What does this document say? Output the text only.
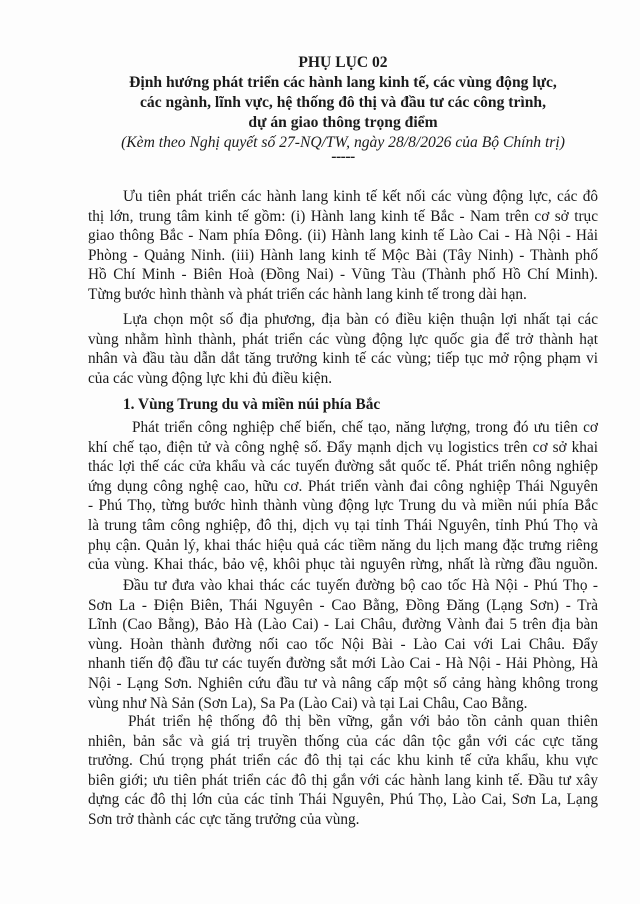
PHỤ LỤC 02
Định hướng phát triển các hành lang kinh tế, các vùng động lực,
các ngành, lĩnh vực, hệ thống đô thị và đầu tư các công trình,
dự án giao thông trọng điểm
(Kèm theo Nghị quyết số 27-NQ/TW, ngày 28/8/2026 của Bộ Chính trị)
-----
Ưu tiên phát triển các hành lang kinh tế kết nối các vùng động lực, các đô
thị lớn, trung tâm kinh tế gồm: (i) Hành lang kinh tế Bắc - Nam trên cơ sở trục
giao thông Bắc - Nam phía Đông. (ii) Hành lang kinh tế Lào Cai - Hà Nội - Hải
Phòng - Quảng Ninh. (iii) Hành lang kinh tế Mộc Bài (Tây Ninh) - Thành phố
Hồ Chí Minh - Biên Hoà (Đồng Nai) - Vũng Tàu (Thành phố Hồ Chí Minh).
Từng bước hình thành và phát triển các hành lang kinh tế trong dài hạn.
Lựa chọn một số địa phương, địa bàn có điều kiện thuận lợi nhất tại các
vùng nhằm hình thành, phát triển các vùng động lực quốc gia để trở thành hạt
nhân và đầu tàu dẫn dắt tăng trưởng kinh tế các vùng; tiếp tục mở rộng phạm vi
của các vùng động lực khi đủ điều kiện.
1. Vùng Trung du và miền núi phía Bắc
Phát triển công nghiệp chế biến, chế tạo, năng lượng, trong đó ưu tiên cơ
khí chế tạo, điện tử và công nghệ số. Đẩy mạnh dịch vụ logistics trên cơ sở khai
thác lợi thế các cửa khẩu và các tuyến đường sắt quốc tế. Phát triển nông nghiệp
ứng dụng công nghệ cao, hữu cơ. Phát triển vành đai công nghiệp Thái Nguyên
- Phú Thọ, từng bước hình thành vùng động lực Trung du và miền núi phía Bắc
là trung tâm công nghiệp, đô thị, dịch vụ tại tỉnh Thái Nguyên, tỉnh Phú Thọ và
phụ cận. Quản lý, khai thác hiệu quả các tiềm năng du lịch mang đặc trưng riêng
của vùng. Khai thác, bảo vệ, khôi phục tài nguyên rừng, nhất là rừng đầu nguồn.
Đầu tư đưa vào khai thác các tuyến đường bộ cao tốc Hà Nội - Phú Thọ -
Sơn La - Điện Biên, Thái Nguyên - Cao Bằng, Đồng Đăng (Lạng Sơn) - Trà
Lĩnh (Cao Bằng), Bảo Hà (Lào Cai) - Lai Châu, đường Vành đai 5 trên địa bàn
vùng. Hoàn thành đường nối cao tốc Nội Bài - Lào Cai với Lai Châu. Đẩy
nhanh tiến độ đầu tư các tuyến đường sắt mới Lào Cai - Hà Nội - Hải Phòng, Hà
Nội - Lạng Sơn. Nghiên cứu đầu tư và nâng cấp một số cảng hàng không trong
vùng như Nà Sản (Sơn La), Sa Pa (Lào Cai) và tại Lai Châu, Cao Bằng.
Phát triển hệ thống đô thị bền vững, gắn với bảo tồn cảnh quan thiên
nhiên, bản sắc và giá trị truyền thống của các dân tộc gắn với các cực tăng
trưởng. Chú trọng phát triển các đô thị tại các khu kinh tế cửa khẩu, khu vực
biên giới; ưu tiên phát triển các đô thị gắn với các hành lang kinh tế. Đầu tư xây
dựng các đô thị lớn của các tỉnh Thái Nguyên, Phú Thọ, Lào Cai, Sơn La, Lạng
Sơn trở thành các cực tăng trưởng của vùng.
